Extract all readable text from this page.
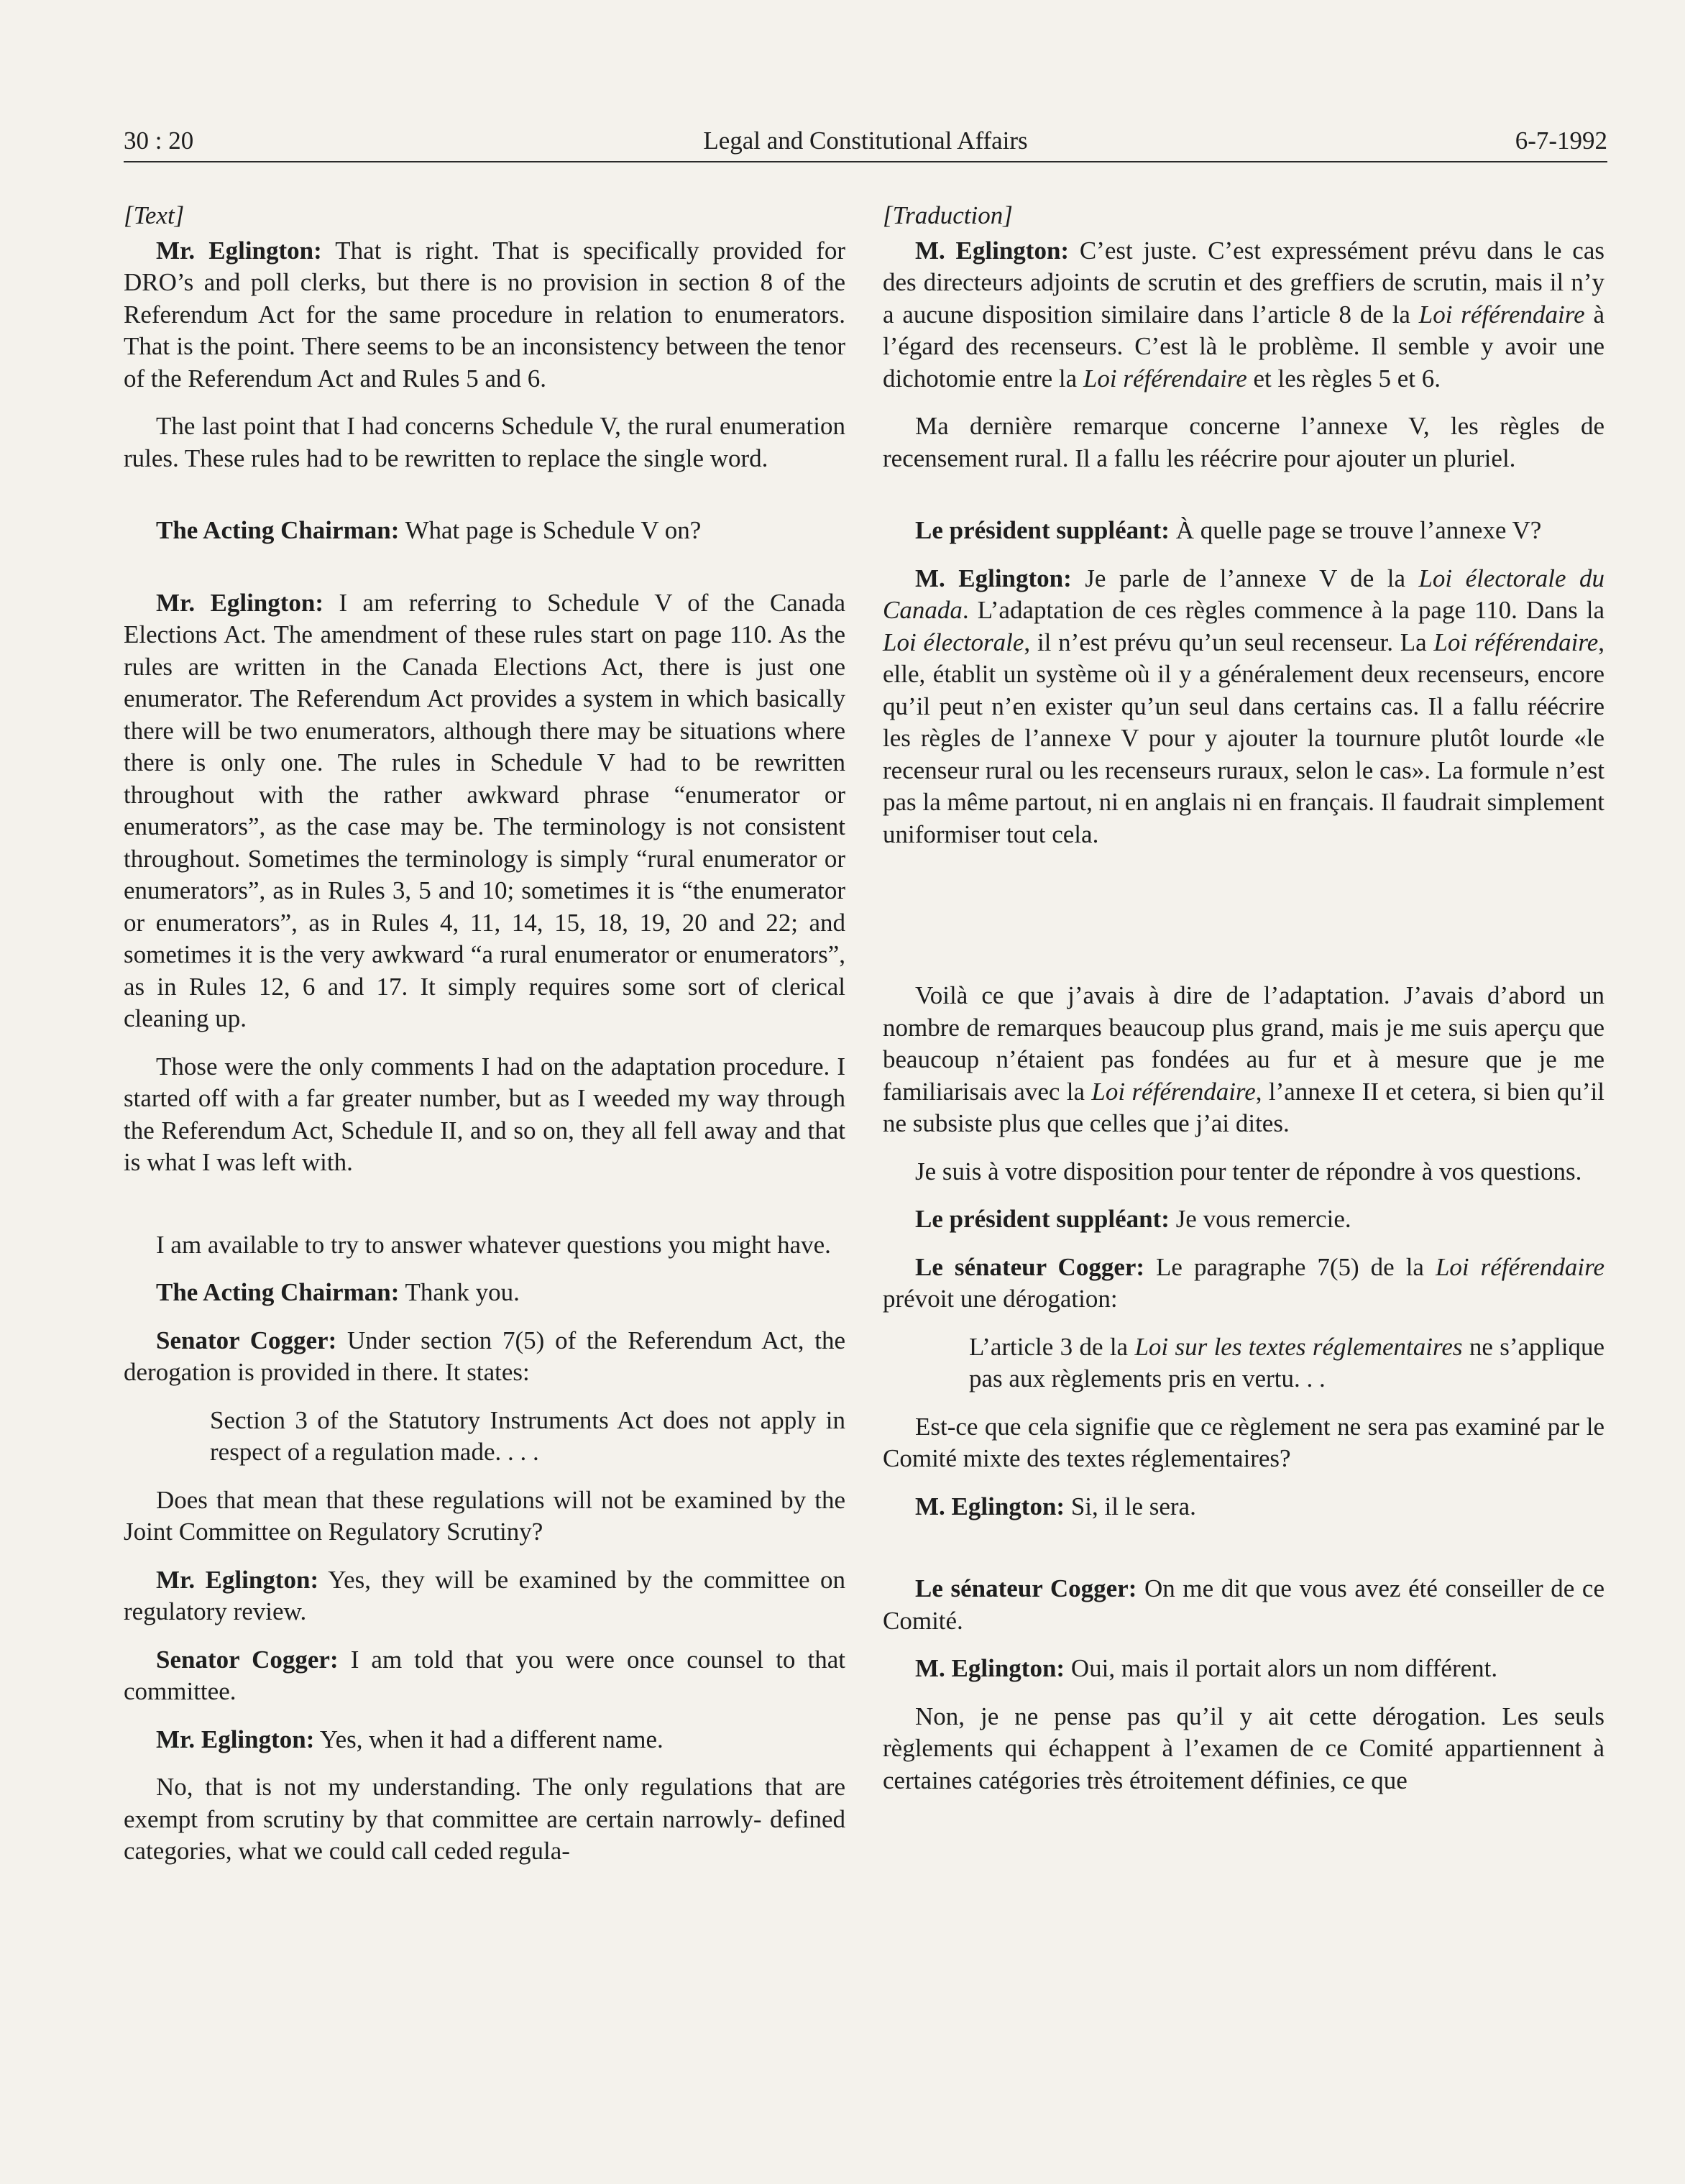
30 : 20	Legal and Constitutional Affairs	6-7-1992

[Text]

Mr. Eglington: That is right. That is specifically provided for DRO’s and poll clerks, but there is no provision in section 8 of the Referendum Act for the same procedure in relation to enumerators. That is the point. There seems to be an inconsistency between the tenor of the Referendum Act and Rules 5 and 6.

The last point that I had concerns Schedule V, the rural enumeration rules. These rules had to be rewritten to replace the single word.

The Acting Chairman: What page is Schedule V on?

Mr. Eglington: I am referring to Schedule V of the Canada Elections Act. The amendment of these rules start on page 110. As the rules are written in the Canada Elections Act, there is just one enumerator. The Referendum Act provides a system in which basically there will be two enumerators, although there may be situations where there is only one. The rules in Schedule V had to be rewritten throughout with the rather awkward phrase “enumerator or enumerators”, as the case may be. The terminology is not consistent throughout. Sometimes the terminology is simply “rural enumerator or enumerators”, as in Rules 3, 5 and 10; sometimes it is “the enumerator or enumerators”, as in Rules 4, 11, 14, 15, 18, 19, 20 and 22; and sometimes it is the very awkward “a rural enumerator or enumerators”, as in Rules 12, 6 and 17. It simply requires some sort of clerical cleaning up.

Those were the only comments I had on the adaptation procedure. I started off with a far greater number, but as I weeded my way through the Referendum Act, Schedule II, and so on, they all fell away and that is what I was left with.

I am available to try to answer whatever questions you might have.

The Acting Chairman: Thank you.

Senator Cogger: Under section 7(5) of the Referendum Act, the derogation is provided in there. It states:

Section 3 of the Statutory Instruments Act does not apply in respect of a regulation made. . . .

Does that mean that these regulations will not be examined by the Joint Committee on Regulatory Scrutiny?

Mr. Eglington: Yes, they will be examined by the committee on regulatory review.

Senator Cogger: I am told that you were once counsel to that committee.

Mr. Eglington: Yes, when it had a different name.

No, that is not my understanding. The only regulations that are exempt from scrutiny by that committee are certain narrowly- defined categories, what we could call ceded regula-

[Traduction]

M. Eglington: C’est juste. C’est expressément prévu dans le cas des directeurs adjoints de scrutin et des greffiers de scrutin, mais il n’y a aucune disposition similaire dans l’article 8 de la Loi référendaire à l’égard des recenseurs. C’est là le problème. Il semble y avoir une dichotomie entre la Loi référendaire et les règles 5 et 6.

Ma dernière remarque concerne l’annexe V, les règles de recensement rural. Il a fallu les réécrire pour ajouter un pluriel.

Le président suppléant: À quelle page se trouve l’annexe V?

M. Eglington: Je parle de l’annexe V de la Loi électorale du Canada. L’adaptation de ces règles commence à la page 110. Dans la Loi électorale, il n’est prévu qu’un seul recenseur. La Loi référendaire, elle, établit un système où il y a généralement deux recenseurs, encore qu’il peut n’en exister qu’un seul dans certains cas. Il a fallu réécrire les règles de l’annexe V pour y ajouter la tournure plutôt lourde «le recenseur rural ou les recenseurs ruraux, selon le cas». La formule n’est pas la même partout, ni en anglais ni en français. Il faudrait simplement uniformiser tout cela.

Voilà ce que j’avais à dire de l’adaptation. J’avais d’abord un nombre de remarques beaucoup plus grand, mais je me suis aperçu que beaucoup n’étaient pas fondées au fur et à mesure que je me familiarisais avec la Loi référendaire, l’annexe II et cetera, si bien qu’il ne subsiste plus que celles que j’ai dites.

Je suis à votre disposition pour tenter de répondre à vos questions.

Le président suppléant: Je vous remercie.

Le sénateur Cogger: Le paragraphe 7(5) de la Loi référendaire prévoit une dérogation:

L’article 3 de la Loi sur les textes réglementaires ne s’applique pas aux règlements pris en vertu. . .

Est-ce que cela signifie que ce règlement ne sera pas examiné par le Comité mixte des textes réglementaires?

M. Eglington: Si, il le sera.

Le sénateur Cogger: On me dit que vous avez été conseiller de ce Comité.

M. Eglington: Oui, mais il portait alors un nom différent.

Non, je ne pense pas qu’il y ait cette dérogation. Les seuls règlements qui échappent à l’examen de ce Comité appartiennent à certaines catégories très étroitement définies, ce que
